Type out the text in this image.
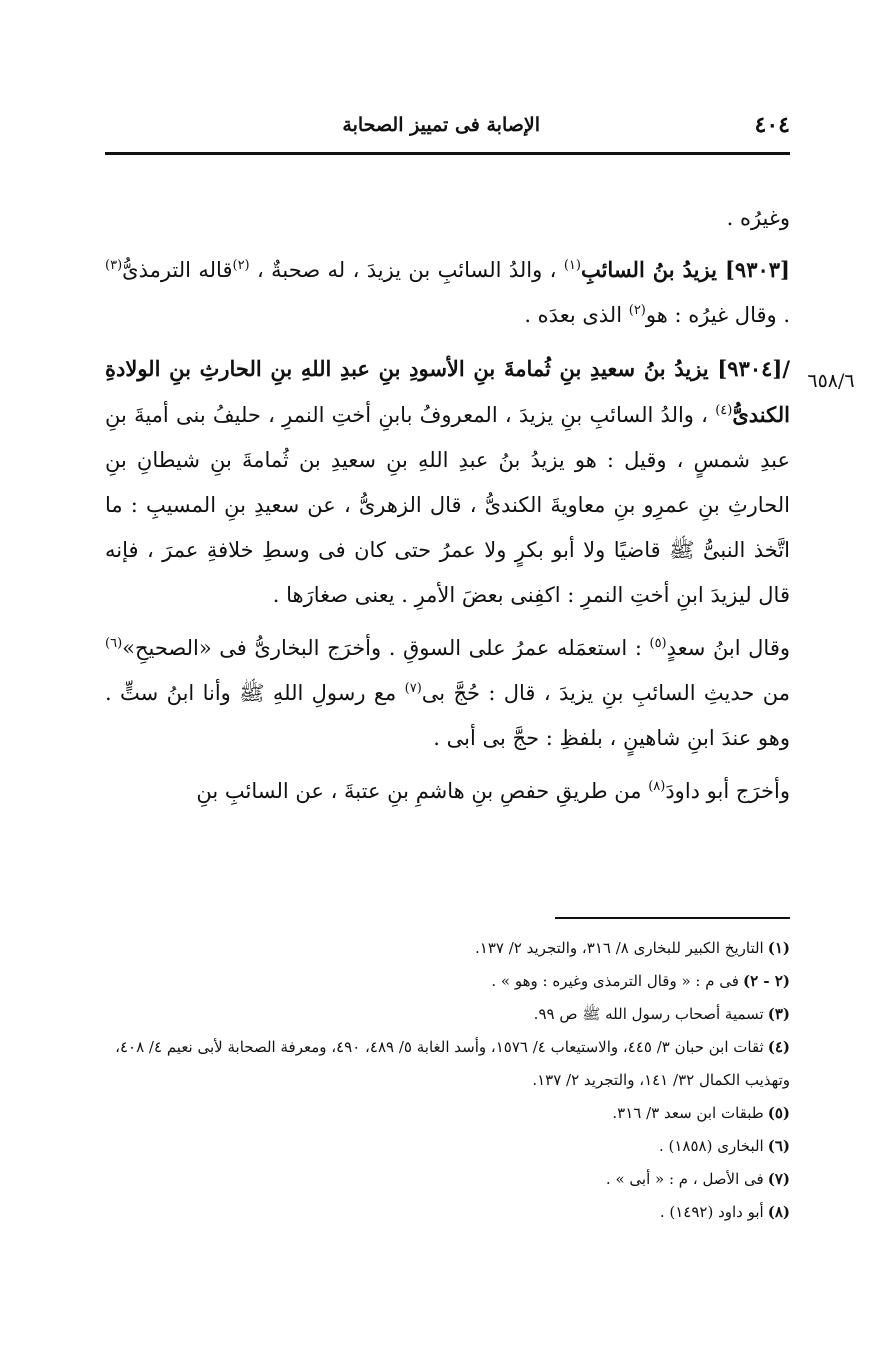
٤٠٤
الإصابة فى تمييز الصحابة
٦٥٨/٦

وغيرُه .

[٩٣٠٣] يزيدُ بنُ السائبِ$^{(١)}$ ، والدُ السائبِ بن يزيدَ ، له صحبةٌ ، $^{(٢)}$قاله الترمذىُّ$^{(٣)}$ . وقال غيرُه : هو$^{(٢)}$ الذى بعدَه .

/[٩٣٠٤] يزيدُ بنُ سعيدِ بنِ ثُمامةَ بنِ الأسودِ بنِ عبدِ اللهِ بنِ الحارثِ بنِ الولادةِ الكندىُّ$^{(٤)}$ ، والدُ السائبِ بنِ يزيدَ ، المعروفُ بابنِ أختِ النمرِ ، حليفُ بنى أميةَ بنِ عبدِ شمسٍ ، وقيل : هو يزيدُ بنُ عبدِ اللهِ بنِ سعيدِ بن ثُمامةَ بنِ شيطانِ بنِ الحارثِ بنِ عمرِو بنِ معاويةَ الكندىُّ ، قال الزهرىُّ ، عن سعيدِ بنِ المسيبِ : ما اتَّخذ النبىُّ ﷺ قاضيًا ولا أبو بكرٍ ولا عمرُ حتى كان فى وسطِ خلافةِ عمرَ ، فإنه قال ليزيدَ ابنِ أختِ النمرِ : اكفِنى بعضَ الأمرِ . يعنى صغارَها .

وقال ابنُ سعدٍ$^{(٥)}$ : استعمَله عمرُ على السوقِ . وأخرَج البخارىُّ فى «الصحيحِ»$^{(٦)}$ من حديثِ السائبِ بنِ يزيدَ ، قال : حُجَّ بى$^{(٧)}$ مع رسولِ اللهِ ﷺ وأنا ابنُ ستٍّ . وهو عندَ ابنِ شاهينٍ ، بلفظِ : حجَّ بى أبى .

وأخرَج أبو داودَ$^{(٨)}$ من طريقِ حفصِ بنِ هاشمِ بنِ عتبةَ ، عن السائبِ بنِ

(١)التاريخ الكبير للبخارى ٨/ ٣١٦، والتجريد ٢/ ١٣٧.

(٢ - ٢)فى م : « وقال الترمذى وغيره : وهو » .

(٣)تسمية أصحاب رسول الله ﷺ ص ٩٩.

(٤)ثقات ابن حبان ٣/ ٤٤٥، والاستيعاب ٤/ ١٥٧٦، وأسد الغابة ٥/ ٤٨٩، ٤٩٠، ومعرفة الصحابة لأبى نعيم ٤/ ٤٠٨، وتهذيب الكمال ٣٢/ ١٤١، والتجريد ٢/ ١٣٧.

(٥)طبقات ابن سعد ٣/ ٣١٦.

(٦)البخارى (١٨٥٨) .

(٧)فى الأصل ، م : « أبى » .

(٨)أبو داود (١٤٩٢) .
